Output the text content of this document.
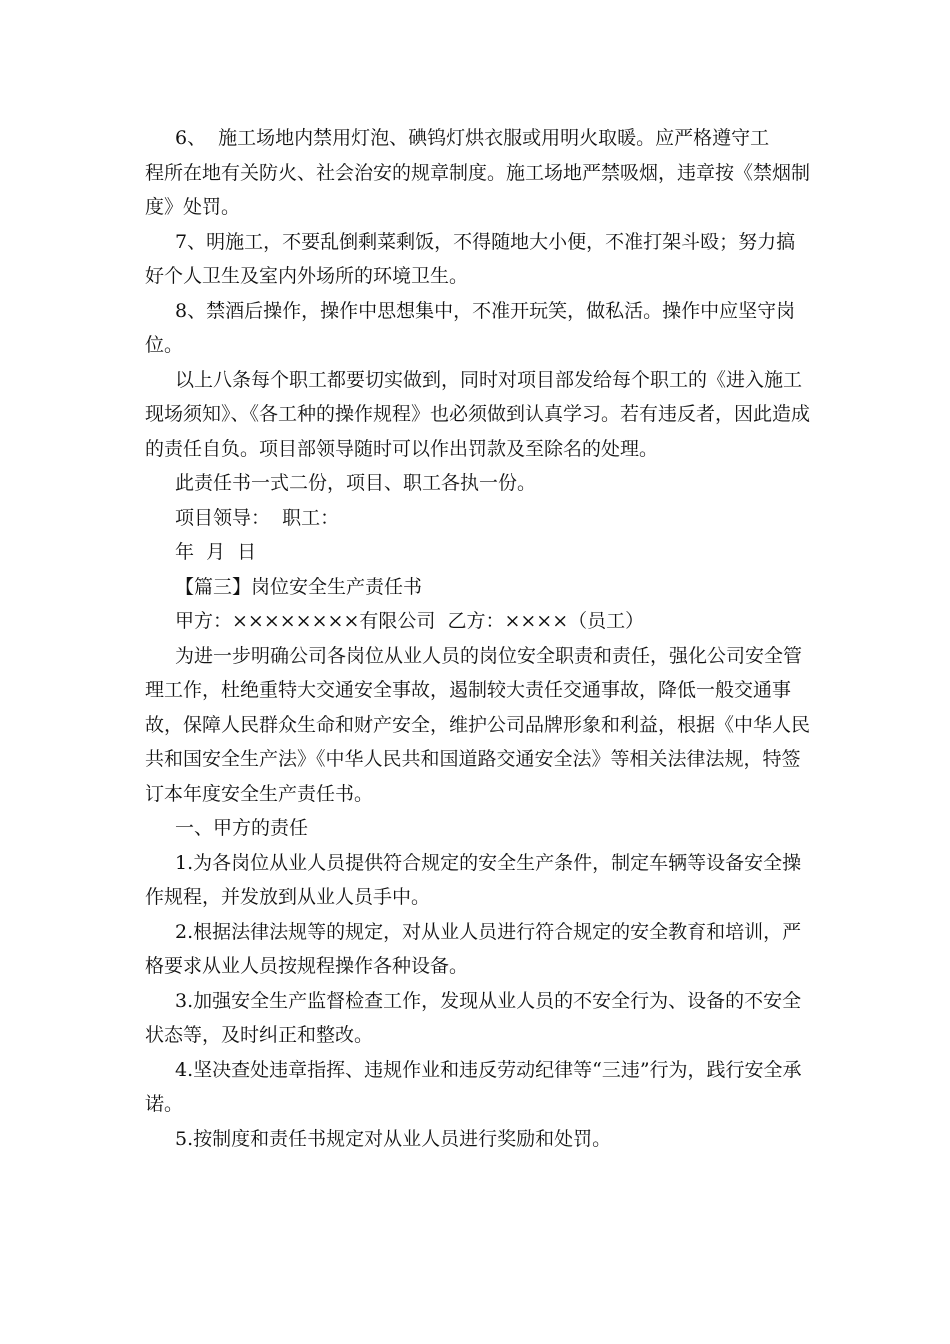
6、  施工场地内禁用灯泡、碘钨灯烘衣服或用明火取暖。应严格遵守工

程所在地有关防火、社会治安的规章制度。施工场地严禁吸烟，违章按《禁烟制度》处罚。

7、明施工，不要乱倒剩菜剩饭，不得随地大小便，不准打架斗殴；努力搞好个人卫生及室内外场所的环境卫生。

8、禁酒后操作，操作中思想集中，不准开玩笑，做私活。操作中应坚守岗位。

以上八条每个职工都要切实做到，同时对项目部发给每个职工的《进入施工现场须知》、《各工种的操作规程》也必须做到认真学习。若有违反者，因此造成的责任自负。项目部领导随时可以作出罚款及至除名的处理。

此责任书一式二份，项目、职工各执一份。

项目领导：  职工：

年  月  日

【篇三】岗位安全生产责任书

甲方：××××××××有限公司  乙方：××××（员工）

为进一步明确公司各岗位从业人员的岗位安全职责和责任，强化公司安全管理工作，杜绝重特大交通安全事故，遏制较大责任交通事故，降低一般交通事故，保障人民群众生命和财产安全，维护公司品牌形象和利益，根据《中华人民共和国安全生产法》《中华人民共和国道路交通安全法》等相关法律法规，特签订本年度安全生产责任书。

一、甲方的责任

1.为各岗位从业人员提供符合规定的安全生产条件，制定车辆等设备安全操作规程，并发放到从业人员手中。

2.根据法律法规等的规定，对从业人员进行符合规定的安全教育和培训，严格要求从业人员按规程操作各种设备。

3.加强安全生产监督检查工作，发现从业人员的不安全行为、设备的不安全状态等，及时纠正和整改。

4.坚决查处违章指挥、违规作业和违反劳动纪律等“三违”行为，践行安全承诺。

5.按制度和责任书规定对从业人员进行奖励和处罚。
